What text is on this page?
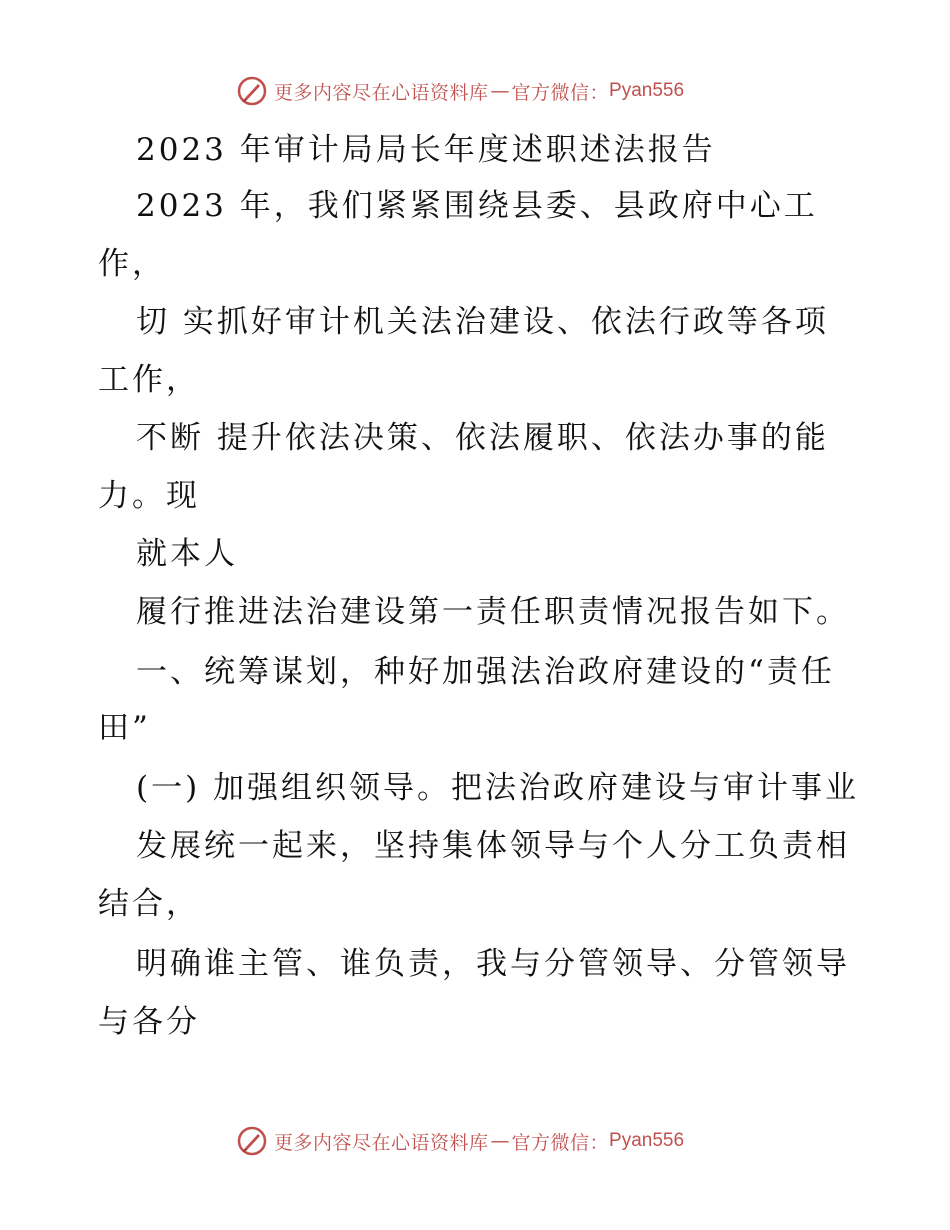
更多内容尽在心语资料库 — 官方微信： Pyan556
2023 年审计局局长年度述职述法报告
2023 年，我们紧紧围绕县委、县政府中心工
作，
切 实抓好审计机关法治建设、依法行政等各项
工作，
不断 提升依法决策、依法履职、依法办事的能
力。现
就本人
履行推进法治建设第一责任职责情况报告如下。
一、统筹谋划，种好加强法治政府建设的“责任
田”
(一) 加强组织领导。把法治政府建设与审计事业
发展统一起来，坚持集体领导与个人分工负责相
结合，
明确谁主管、谁负责，我与分管领导、分管领导
与各分
更多内容尽在心语资料库 — 官方微信： Pyan556
